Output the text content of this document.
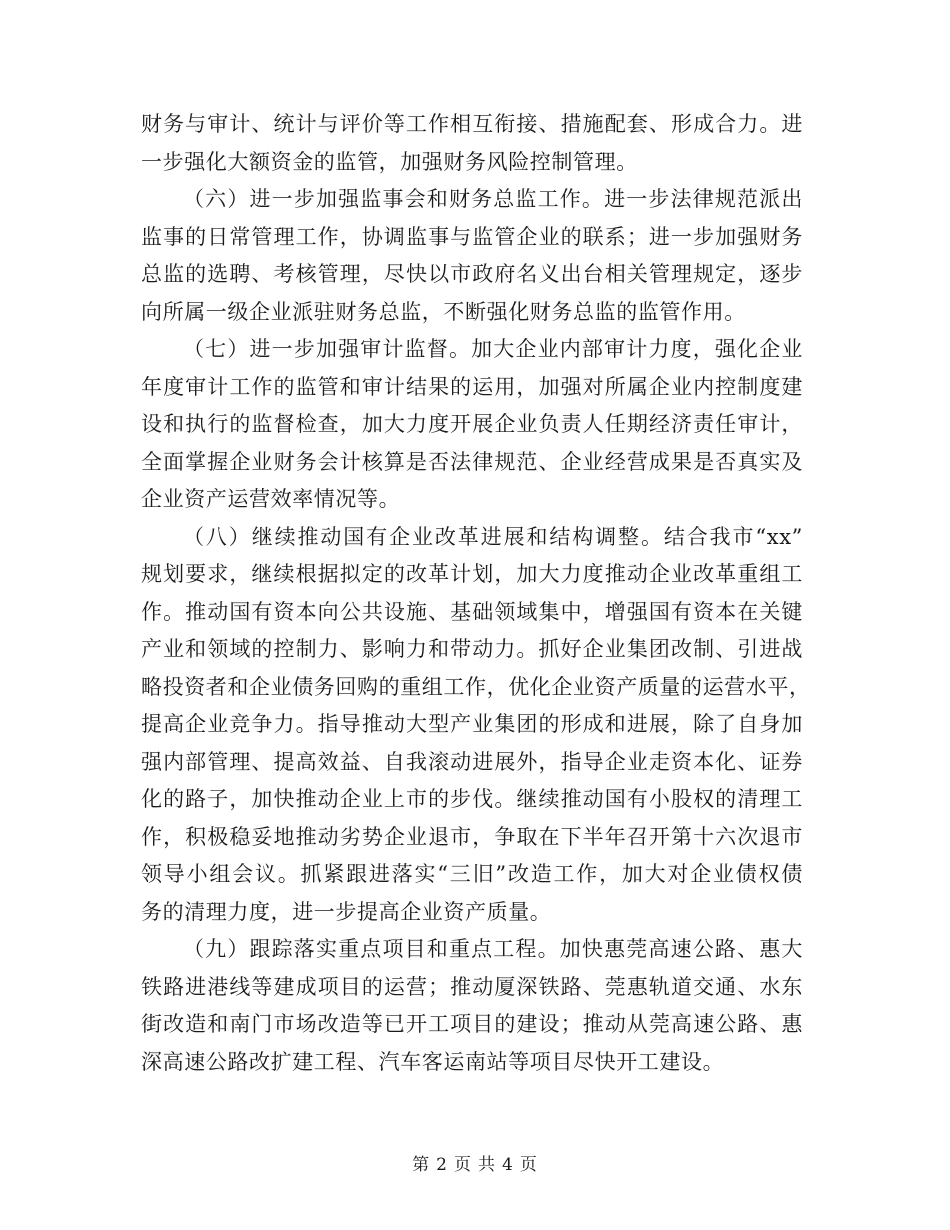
财务与审计、统计与评价等工作相互衔接、措施配套、形成合力。进
一步强化大额资金的监管，加强财务风险控制管理。
（六）进一步加强监事会和财务总监工作。进一步法律规范派出
监事的日常管理工作，协调监事与监管企业的联系；进一步加强财务
总监的选聘、考核管理，尽快以市政府名义出台相关管理规定，逐步
向所属一级企业派驻财务总监，不断强化财务总监的监管作用。
（七）进一步加强审计监督。加大企业内部审计力度，强化企业
年度审计工作的监管和审计结果的运用，加强对所属企业内控制度建
设和执行的监督检查，加大力度开展企业负责人任期经济责任审计，
全面掌握企业财务会计核算是否法律规范、企业经营成果是否真实及
企业资产运营效率情况等。
（八）继续推动国有企业改革进展和结构调整。结合我市“xx”
规划要求，继续根据拟定的改革计划，加大力度推动企业改革重组工
作。推动国有资本向公共设施、基础领域集中，增强国有资本在关键
产业和领域的控制力、影响力和带动力。抓好企业集团改制、引进战
略投资者和企业债务回购的重组工作，优化企业资产质量的运营水平，
提高企业竞争力。指导推动大型产业集团的形成和进展，除了自身加
强内部管理、提高效益、自我滚动进展外，指导企业走资本化、证券
化的路子，加快推动企业上市的步伐。继续推动国有小股权的清理工
作，积极稳妥地推动劣势企业退市，争取在下半年召开第十六次退市
领导小组会议。抓紧跟进落实“三旧”改造工作，加大对企业债权债
务的清理力度，进一步提高企业资产质量。
（九）跟踪落实重点项目和重点工程。加快惠莞高速公路、惠大
铁路进港线等建成项目的运营；推动厦深铁路、莞惠轨道交通、水东
街改造和南门市场改造等已开工项目的建设；推动从莞高速公路、惠
深高速公路改扩建工程、汽车客运南站等项目尽快开工建设。
第 2 页 共 4 页
